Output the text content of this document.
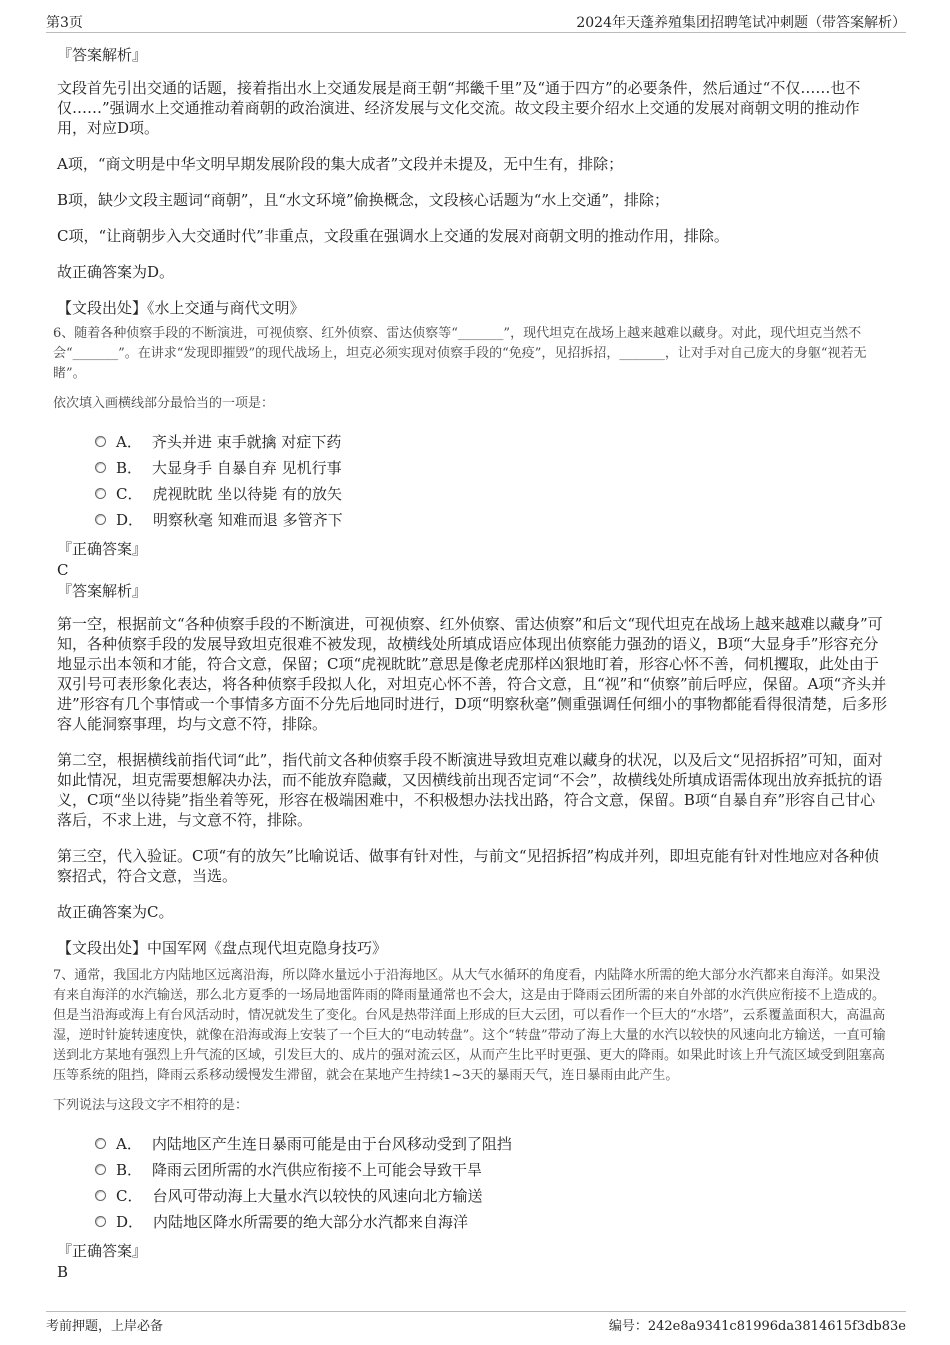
第3页	2024年天蓬养殖集团招聘笔试冲刺题（带答案解析）

『答案解析』

文段首先引出交通的话题，接着指出水上交通发展是商王朝“邦畿千里”及“通于四方”的必要条件，然后通过“不仅……也不仅……”强调水上交通推动着商朝的政治演进、经济发展与文化交流。故文段主要介绍水上交通的发展对商朝文明的推动作用，对应D项。

A项，“商文明是中华文明早期发展阶段的集大成者”文段并未提及，无中生有，排除；

B项，缺少文段主题词“商朝”，且“水文环境”偷换概念，文段核心话题为“水上交通”，排除；

C项，“让商朝步入大交通时代”非重点，文段重在强调水上交通的发展对商朝文明的推动作用，排除。

故正确答案为D。

【文段出处】《水上交通与商代文明》

6、随着各种侦察手段的不断演进，可视侦察、红外侦察、雷达侦察等“_______”，现代坦克在战场上越来越难以藏身。对此，现代坦克当然不会“_______”。在讲求“发现即摧毁”的现代战场上，坦克必须实现对侦察手段的“免疫”，见招拆招，_______，让对手对自己庞大的身躯“视若无睹”。

依次填入画横线部分最恰当的一项是：

A． 齐头并进 束手就擒 对症下药
B． 大显身手 自暴自弃 见机行事
C． 虎视眈眈 坐以待毙 有的放矢
D． 明察秋毫 知难而退 多管齐下

『正确答案』

C

『答案解析』

第一空，根据前文“各种侦察手段的不断演进，可视侦察、红外侦察、雷达侦察”和后文“现代坦克在战场上越来越难以藏身”可知，各种侦察手段的发展导致坦克很难不被发现，故横线处所填成语应体现出侦察能力强劲的语义，B项“大显身手”形容充分地显示出本领和才能，符合文意，保留；C项“虎视眈眈”意思是像老虎那样凶狠地盯着，形容心怀不善，伺机攫取，此处由于双引号可表形象化表达，将各种侦察手段拟人化，对坦克心怀不善，符合文意，且“视”和“侦察”前后呼应，保留。A项“齐头并进”形容有几个事情或一个事情多方面不分先后地同时进行，D项“明察秋毫”侧重强调任何细小的事物都能看得很清楚，后多形容人能洞察事理，均与文意不符，排除。

第二空，根据横线前指代词“此”，指代前文各种侦察手段不断演进导致坦克难以藏身的状况，以及后文“见招拆招”可知，面对如此情况，坦克需要想解决办法，而不能放弃隐藏，又因横线前出现否定词“不会”，故横线处所填成语需体现出放弃抵抗的语义，C项“坐以待毙”指坐着等死，形容在极端困难中，不积极想办法找出路，符合文意，保留。B项“自暴自弃”形容自己甘心落后，不求上进，与文意不符，排除。

第三空，代入验证。C项“有的放矢”比喻说话、做事有针对性，与前文“见招拆招”构成并列，即坦克能有针对性地应对各种侦察招式，符合文意，当选。

故正确答案为C。

【文段出处】中国军网《盘点现代坦克隐身技巧》

7、通常，我国北方内陆地区远离沿海，所以降水量远小于沿海地区。从大气水循环的角度看，内陆降水所需的绝大部分水汽都来自海洋。如果没有来自海洋的水汽输送，那么北方夏季的一场局地雷阵雨的降雨量通常也不会大，这是由于降雨云团所需的来自外部的水汽供应衔接不上造成的。但是当沿海或海上有台风活动时，情况就发生了变化。台风是热带洋面上形成的巨大云团，可以看作一个巨大的“水塔”，云系覆盖面积大，高温高湿，逆时针旋转速度快，就像在沿海或海上安装了一个巨大的“电动转盘”。这个“转盘”带动了海上大量的水汽以较快的风速向北方输送，一直可输送到北方某地有强烈上升气流的区域，引发巨大的、成片的强对流云区，从而产生比平时更强、更大的降雨。如果此时该上升气流区域受到阻塞高压等系统的阻挡，降雨云系移动缓慢发生滞留，就会在某地产生持续1~3天的暴雨天气，连日暴雨由此产生。

下列说法与这段文字不相符的是：

A． 内陆地区产生连日暴雨可能是由于台风移动受到了阻挡
B． 降雨云团所需的水汽供应衔接不上可能会导致干旱
C． 台风可带动海上大量水汽以较快的风速向北方输送
D． 内陆地区降水所需要的绝大部分水汽都来自海洋

『正确答案』

B

考前押题，上岸必备	编号：242e8a9341c81996da3814615f3db83e
